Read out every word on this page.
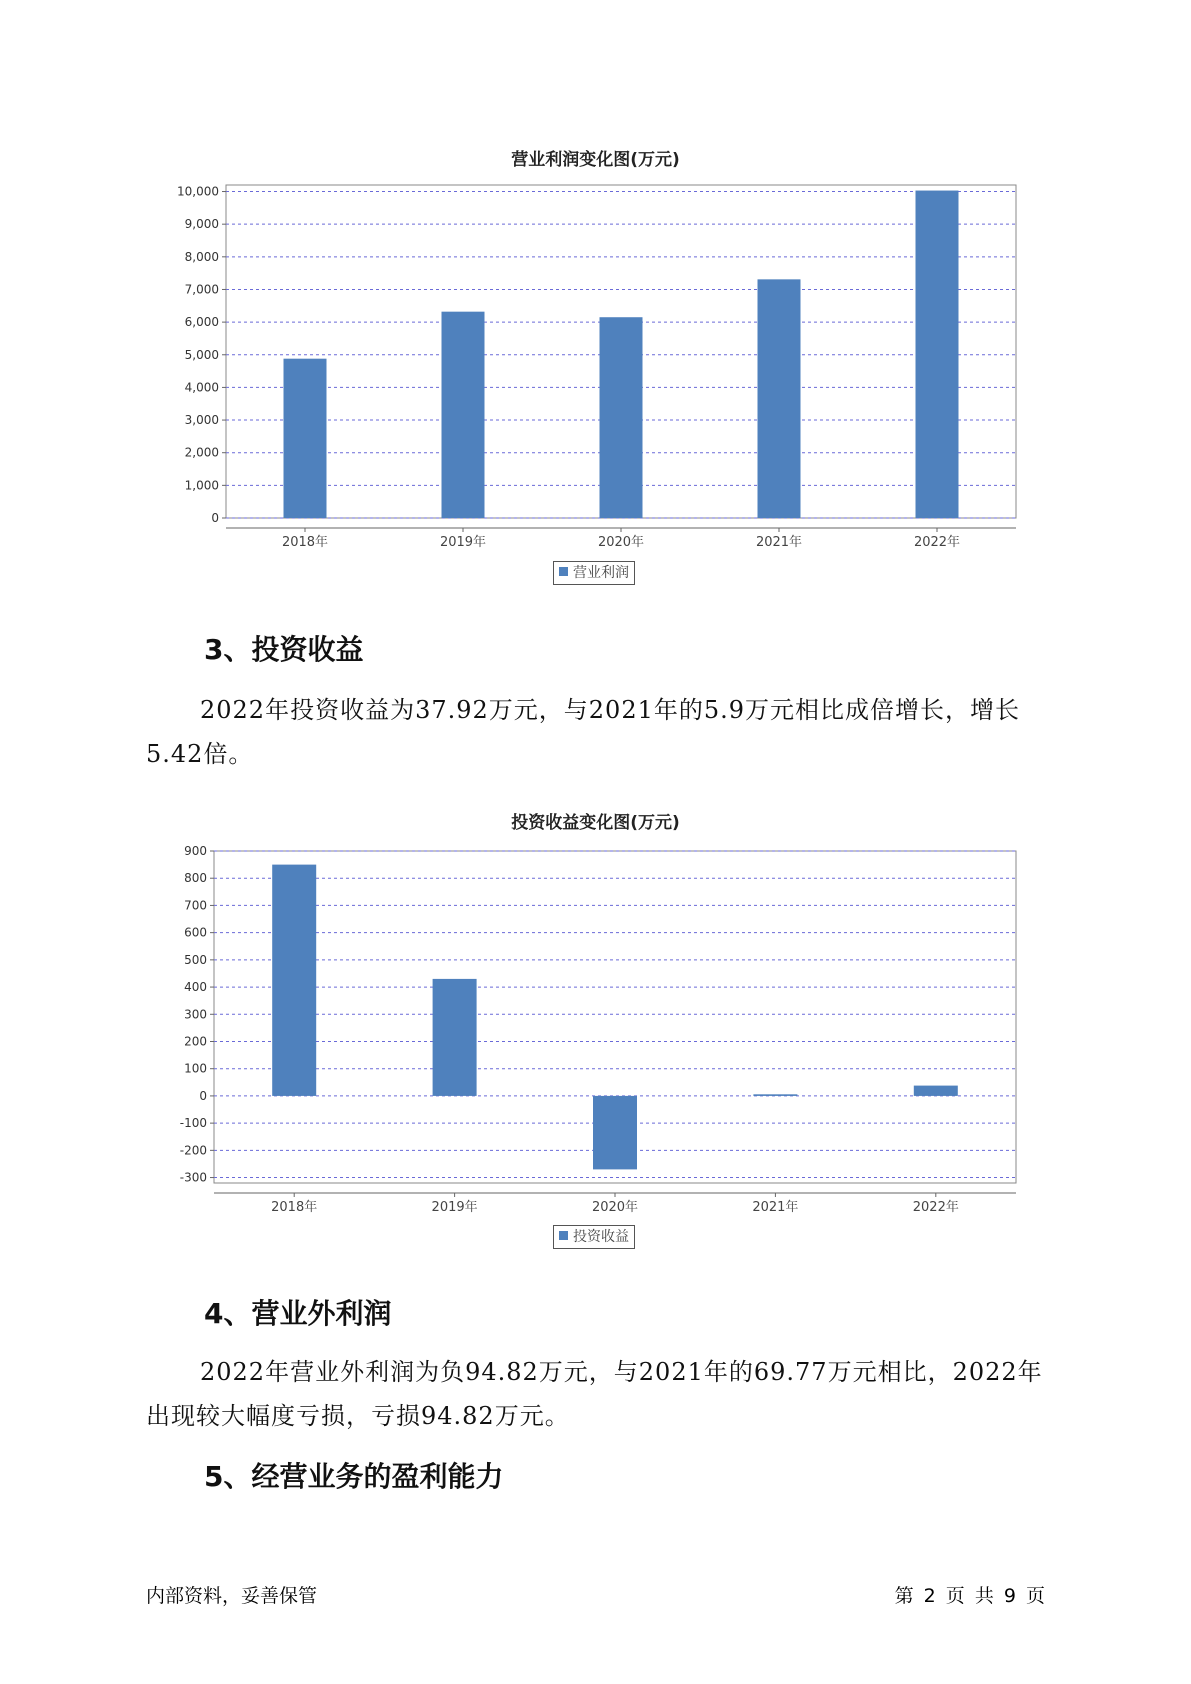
营业利润变化图(万元)
0
1,000
2,000
3,000
4,000
5,000
6,000
7,000
8,000
9,000
10,000
2018年	2019年	2020年	2021年	2022年
营业利润
3、投资收益
2022年投资收益为37.92万元，与2021年的5.9万元相比成倍增长，增长5.42倍。
投资收益变化图(万元)
-300
-200
-100
0
100
200
300
400
500
600
700
800
900
2018年	2019年	2020年	2021年	2022年
投资收益
4、营业外利润
2022年营业外利润为负94.82万元，与2021年的69.77万元相比，2022年出现较大幅度亏损，亏损94.82万元。
5、经营业务的盈利能力
内部资料，妥善保管	第 2 页 共 9 页
